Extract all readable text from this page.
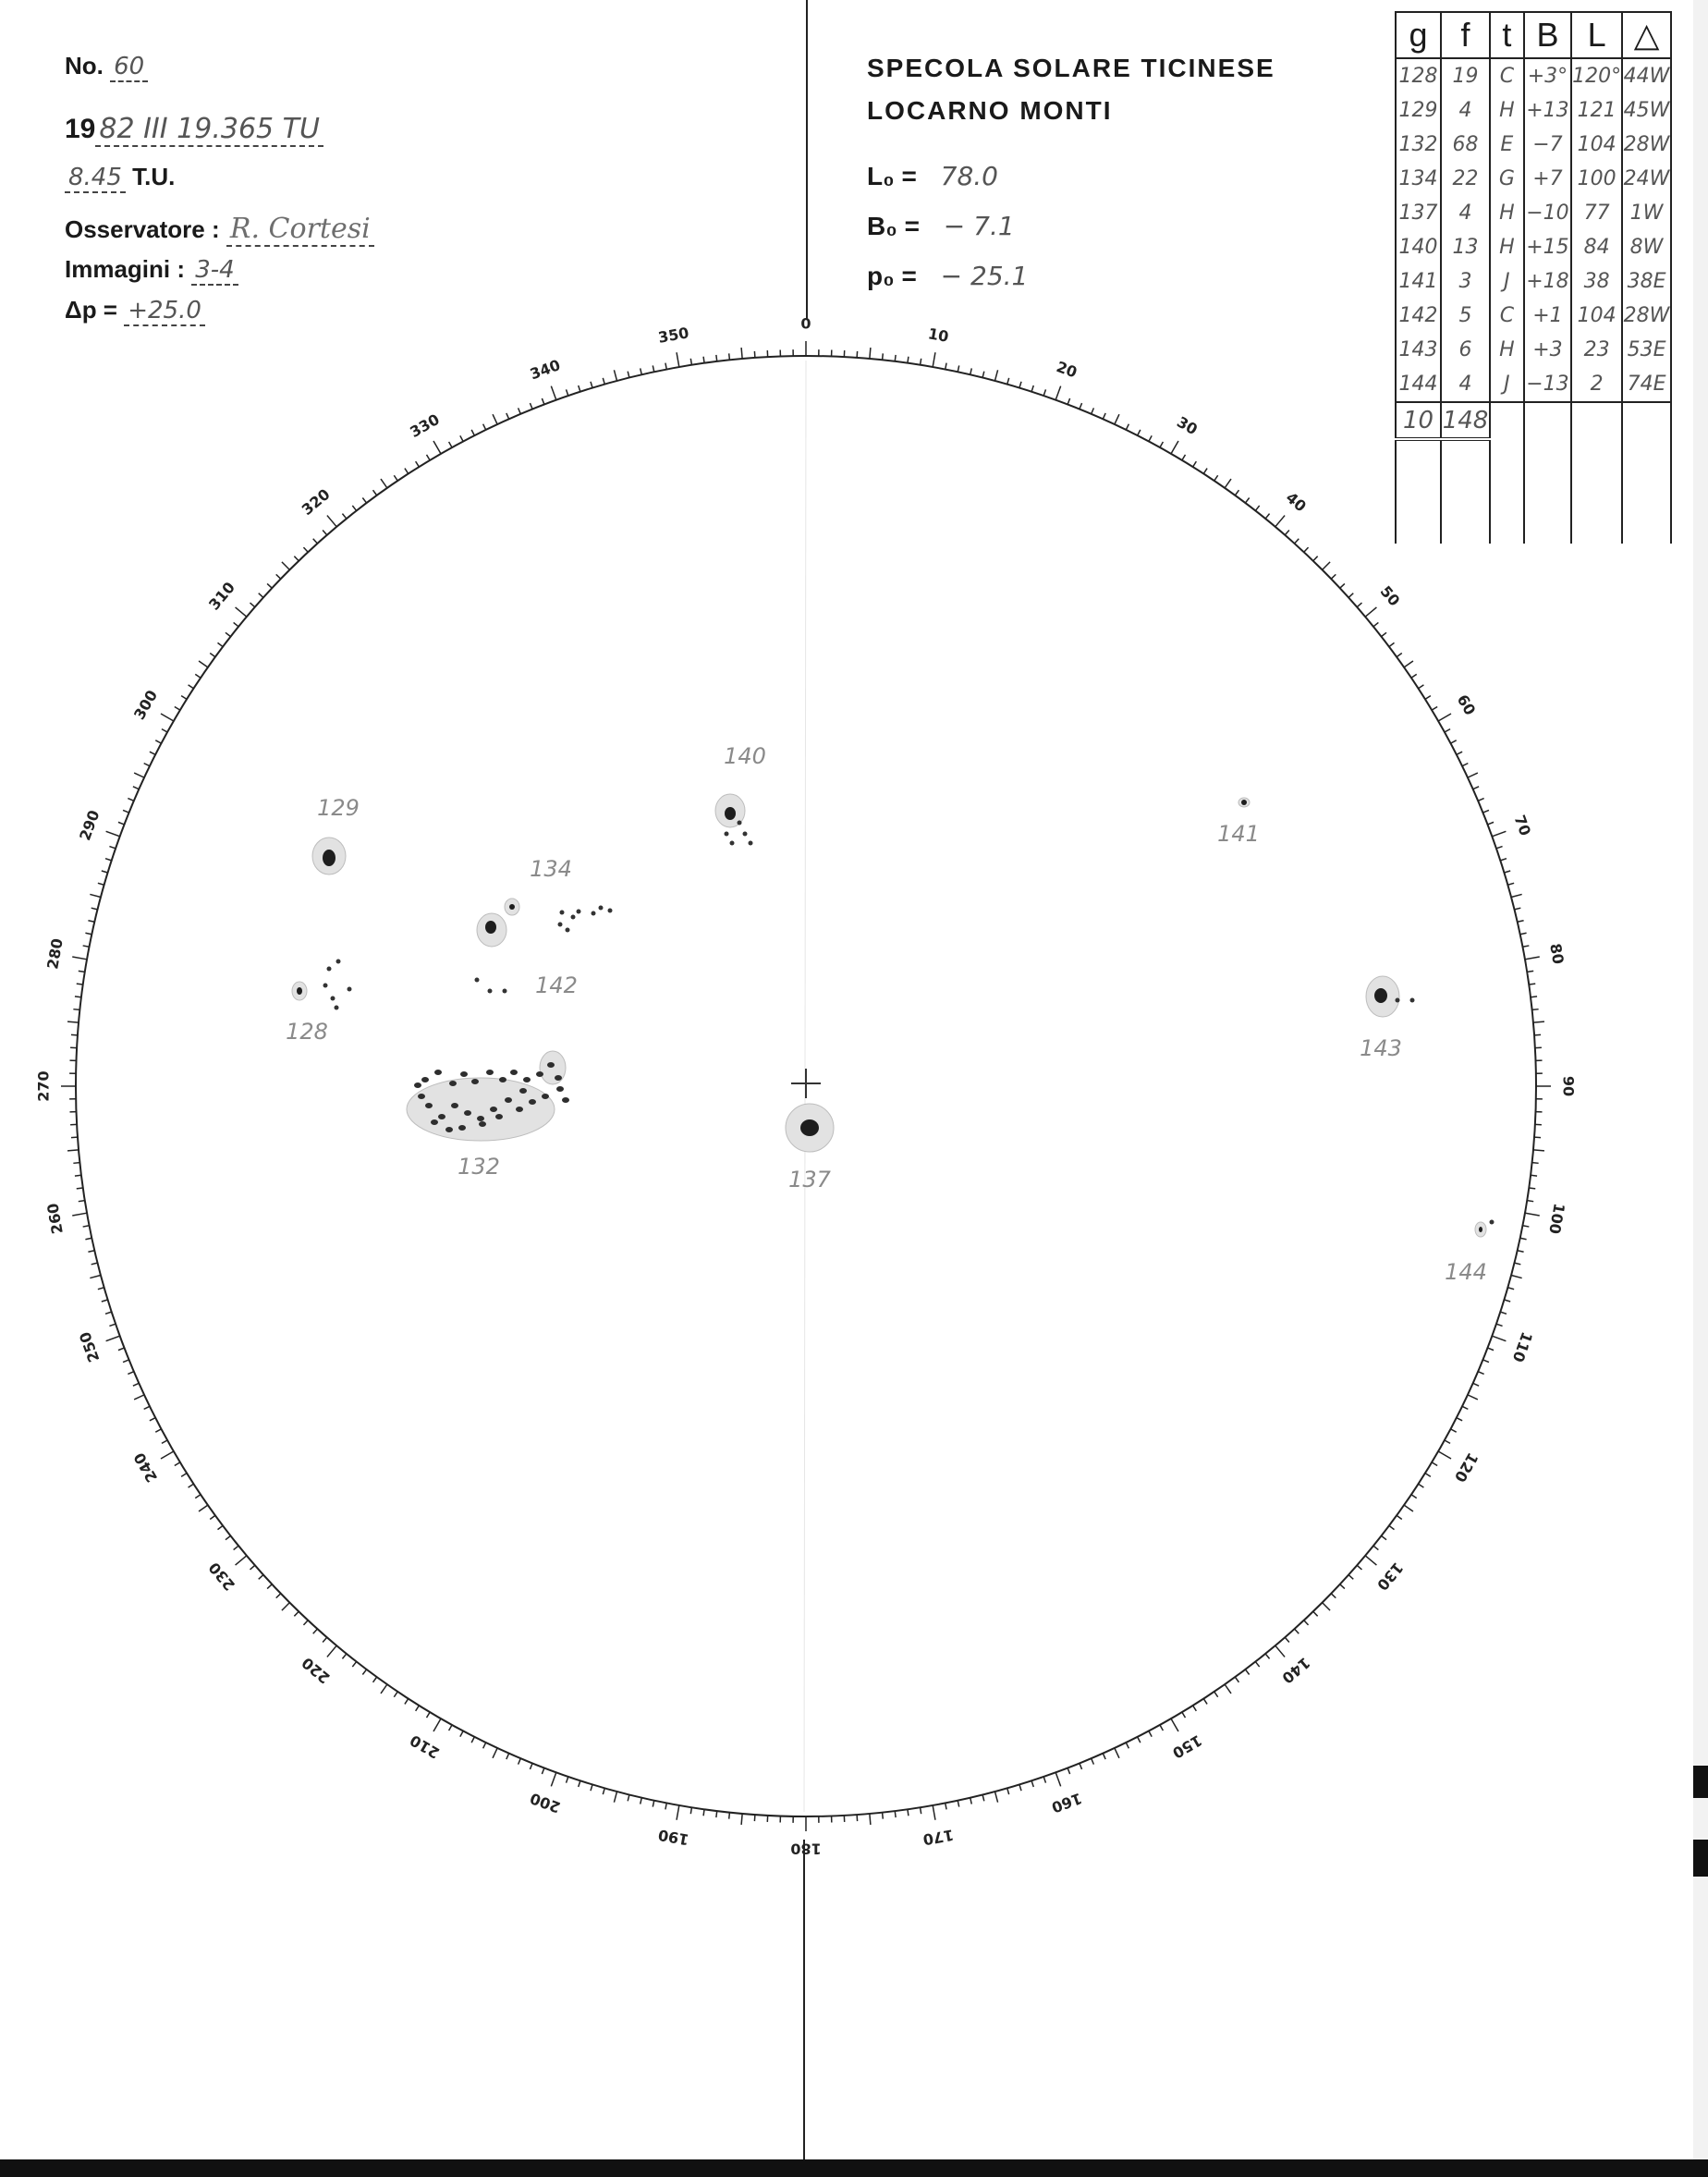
No. 60
19 82 III 19.365 TU
8.45 T.U.
Osservatore : R. Cortesi
Immagini : 3-4
Δp = +25.0
SPECOLA SOLARE TICINESE
LOCARNO MONTI
L₀ = 78.0
B₀ = − 7.1
p₀ = − 25.1
g	f	t	B	L	△
128	19	C	+3°	120°	44W
129	4	H	+13	121	45W
132	68	E	−7	104	28W
134	22	G	+7	100	24W
137	4	H	−10	77	1W
140	13	H	+15	84	8W
141	3	J	+18	38	38E
142	5	C	+1	104	28W
143	6	H	+3	23	53E
144	4	J	−13	2	74E
10	148				

0
10
20
30
40
50
60
70
80
90
100
110
120
130
140
150
160
170
180
190
200
210
220
230
240
250
260
270
280
290
300
310
320
330
340
350
129
140
141
134
142
128
143
132	137
144
